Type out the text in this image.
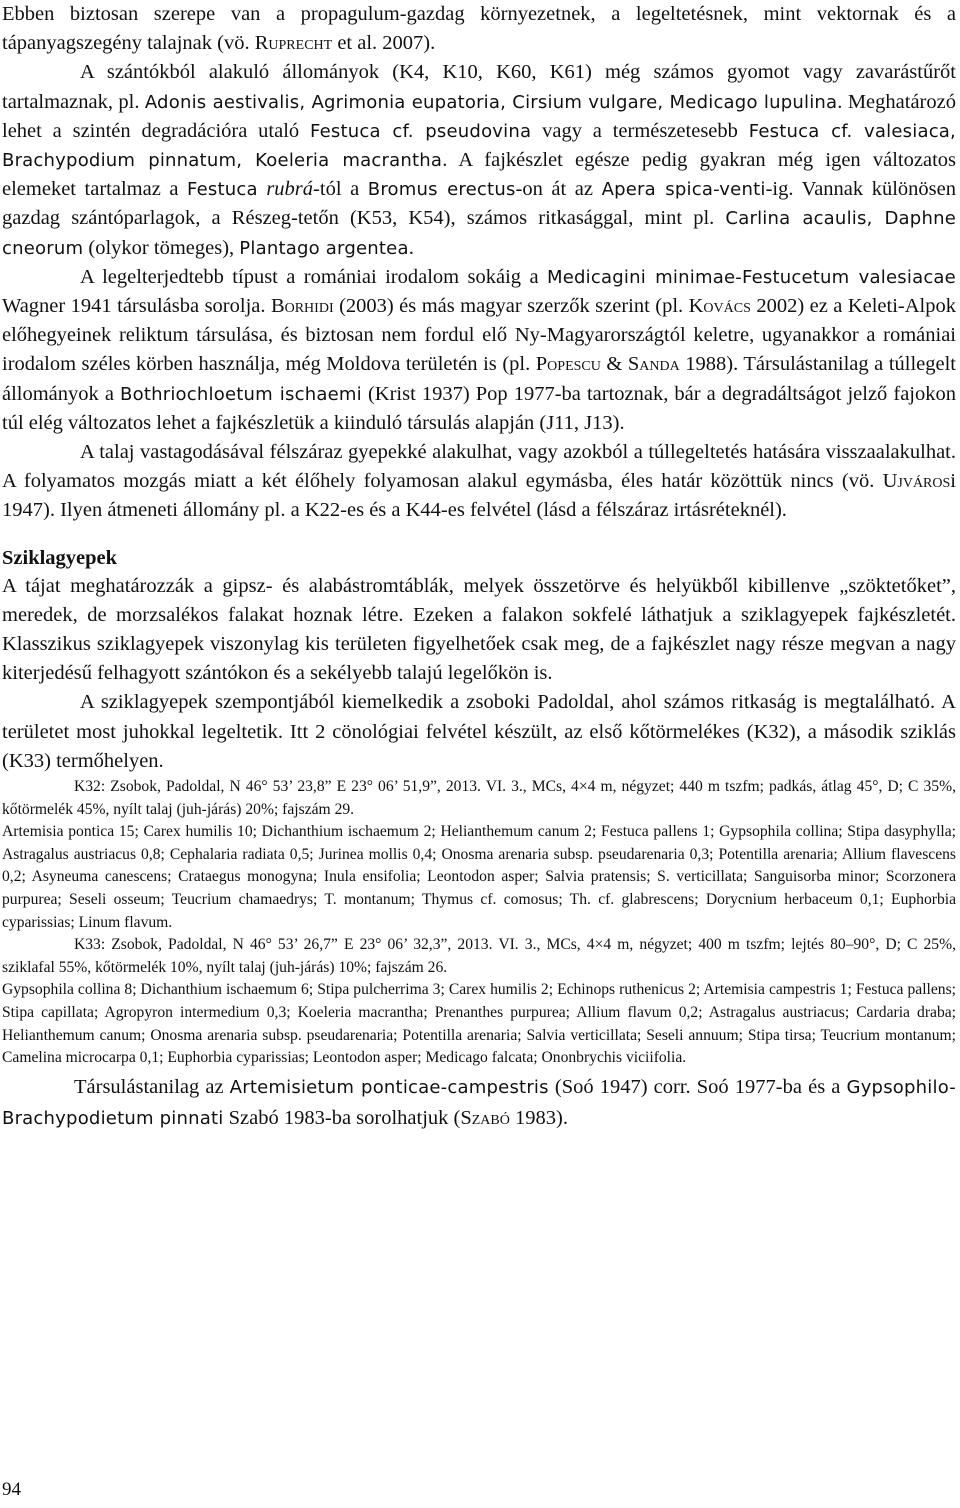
Ebben biztosan szerepe van a propagulum-gazdag környezetnek, a legeltetésnek, mint vektornak és a tápanyagszegény talajnak (vö. Ruprecht et al. 2007).

A szántókból alakuló állományok (K4, K10, K60, K61) még számos gyomot vagy zavarástűrőt tartalmaznak, pl. Adonis aestivalis, Agrimonia eupatoria, Cirsium vulgare, Medicago lupulina. Meghatározó lehet a szintén degradációra utaló Festuca cf. pseudovina vagy a természetesebb Festuca cf. valesiaca, Brachypodium pinnatum, Koeleria macrantha. A fajkészlet egésze pedig gyakran még igen változatos elemeket tartalmaz a Festuca rubrá-tól a Bromus erectus-on át az Apera spica-venti-ig. Vannak különösen gazdag szántóparlagok, a Részeg-tetőn (K53, K54), számos ritkasággal, mint pl. Carlina acaulis, Daphne cneorum (olykor tömeges), Plantago argentea.

A legelterjedtebb típust a romániai irodalom sokáig a Medicagini minimae-Festucetum valesiacae Wagner 1941 társulásba sorolja. Borhidi (2003) és más magyar szerzők szerint (pl. Kovács 2002) ez a Keleti-Alpok előhegyeinek reliktum társulása, és biztosan nem fordul elő Ny-Magyarországtól keletre, ugyanakkor a romániai irodalom széles körben használja, még Moldova területén is (pl. Popescu & Sanda 1988). Társulástanilag a túllegelt állományok a Bothriochloetum ischaemi (Krist 1937) Pop 1977-ba tartoznak, bár a degradáltságot jelző fajokon túl elég változatos lehet a fajkészletük a kiinduló társulás alapján (J11, J13).

A talaj vastagodásával félszáraz gyepekké alakulhat, vagy azokból a túllegeltetés hatására visszaalakulhat. A folyamatos mozgás miatt a két élőhely folyamosan alakul egymásba, éles határ közöttük nincs (vö. Ujvárosi 1947). Ilyen átmeneti állomány pl. a K22-es és a K44-es felvétel (lásd a félszáraz irtásréteknél).

Sziklagyepek

A tájat meghatározzák a gipsz- és alabástromtáblák, melyek összetörve és helyükből kibillenve „szöktetőket”, meredek, de morzsalékos falakat hoznak létre. Ezeken a falakon sokfelé láthatjuk a sziklagyepek fajkészletét. Klasszikus sziklagyepek viszonylag kis területen figyelhetőek csak meg, de a fajkészlet nagy része megvan a nagy kiterjedésű felhagyott szántókon és a sekélyebb talajú legelőkön is.

A sziklagyepek szempontjából kiemelkedik a zsoboki Padoldal, ahol számos ritkaság is megtalálható. A területet most juhokkal legeltetik. Itt 2 cönológiai felvétel készült, az első kőtörmelékes (K32), a második sziklás (K33) termőhelyen.

K32: Zsobok, Padoldal, N 46° 53’ 23,8” E 23° 06’ 51,9”, 2013. VI. 3., MCs, 4×4 m, négyzet; 440 m tszfm; padkás, átlag 45°, D; C 35%, kőtörmelék 45%, nyílt talaj (juh-járás) 20%; fajszám 29.

Artemisia pontica 15; Carex humilis 10; Dichanthium ischaemum 2; Helianthemum canum 2; Festuca pallens 1; Gypsophila collina; Stipa dasyphylla; Astragalus austriacus 0,8; Cephalaria radiata 0,5; Jurinea mollis 0,4; Onosma arenaria subsp. pseudarenaria 0,3; Potentilla arenaria; Allium flavescens 0,2; Asyneuma canescens; Crataegus monogyna; Inula ensifolia; Leontodon asper; Salvia pratensis; S. verticillata; Sanguisorba minor; Scorzonera purpurea; Seseli osseum; Teucrium chamaedrys; T. montanum; Thymus cf. comosus; Th. cf. glabrescens; Dorycnium herbaceum 0,1; Euphorbia cyparissias; Linum flavum.

K33: Zsobok, Padoldal, N 46° 53’ 26,7” E 23° 06’ 32,3”, 2013. VI. 3., MCs, 4×4 m, négyzet; 400 m tszfm; lejtés 80–90°, D; C 25%, sziklafal 55%, kőtörmelék 10%, nyílt talaj (juh-járás) 10%; fajszám 26.

Gypsophila collina 8; Dichanthium ischaemum 6; Stipa pulcherrima 3; Carex humilis 2; Echinops ruthenicus 2; Artemisia campestris 1; Festuca pallens; Stipa capillata; Agropyron intermedium 0,3; Koeleria macrantha; Prenanthes purpurea; Allium flavum 0,2; Astragalus austriacus; Cardaria draba; Helianthemum canum; Onosma arenaria subsp. pseudarenaria; Potentilla arenaria; Salvia verticillata; Seseli annuum; Stipa tirsa; Teucrium montanum; Camelina microcarpa 0,1; Euphorbia cyparissias; Leontodon asper; Medicago falcata; Ononbrychis viciifolia.

Társulástanilag az Artemisietum ponticae-campestris (Soó 1947) corr. Soó 1977-ba és a Gypsophilo-Brachypodietum pinnati Szabó 1983-ba sorolhatjuk (Szabó 1983).

94
